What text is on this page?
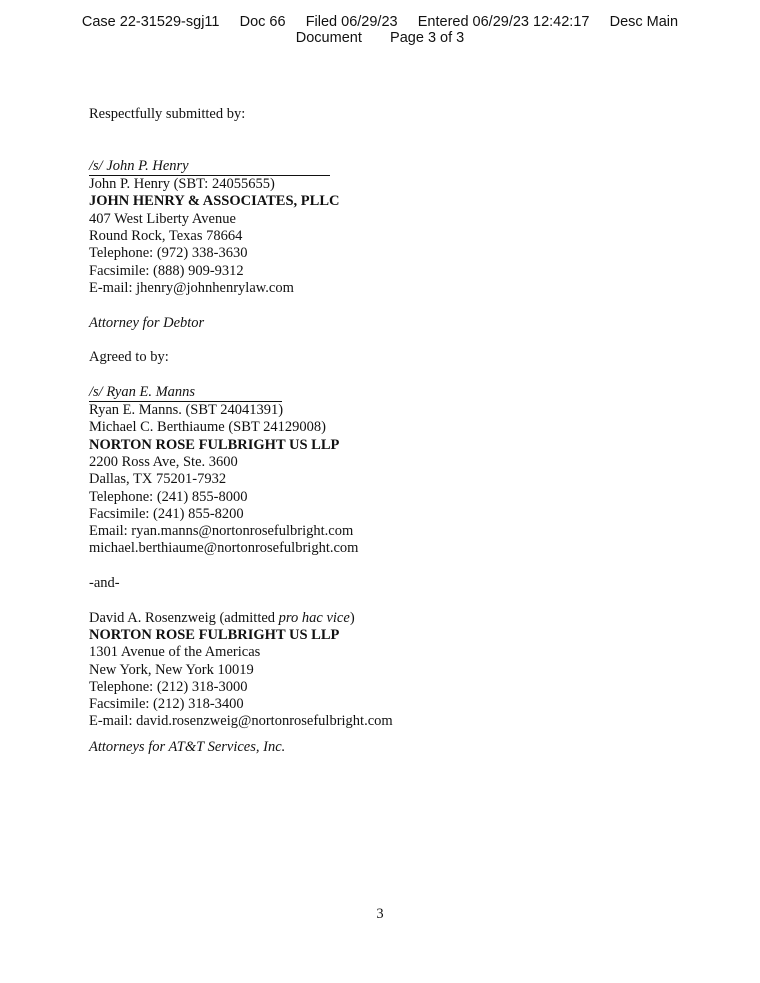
Case 22-31529-sgj11     Doc 66     Filed 06/29/23     Entered 06/29/23 12:42:17     Desc Main
Document       Page 3 of 3
Respectfully submitted by:
/s/ John P. Henry
John P. Henry (SBT: 24055655)
JOHN HENRY & ASSOCIATES, PLLC
407 West Liberty Avenue
Round Rock, Texas 78664
Telephone: (972) 338-3630
Facsimile: (888) 909-9312
E-mail: jhenry@johnhenrylaw.com
Attorney for Debtor
Agreed to by:
/s/ Ryan E. Manns
Ryan E. Manns. (SBT 24041391)
Michael C. Berthiaume (SBT 24129008)
NORTON ROSE FULBRIGHT US LLP
2200 Ross Ave, Ste. 3600
Dallas, TX 75201-7932
Telephone: (241) 855-8000
Facsimile: (241) 855-8200
Email: ryan.manns@nortonrosefulbright.com
michael.berthiaume@nortonrosefulbright.com
-and-
David A. Rosenzweig (admitted pro hac vice)
NORTON ROSE FULBRIGHT US LLP
1301 Avenue of the Americas
New York, New York 10019
Telephone: (212) 318-3000
Facsimile: (212) 318-3400
E-mail: david.rosenzweig@nortonrosefulbright.com
Attorneys for AT&T Services, Inc.
3
